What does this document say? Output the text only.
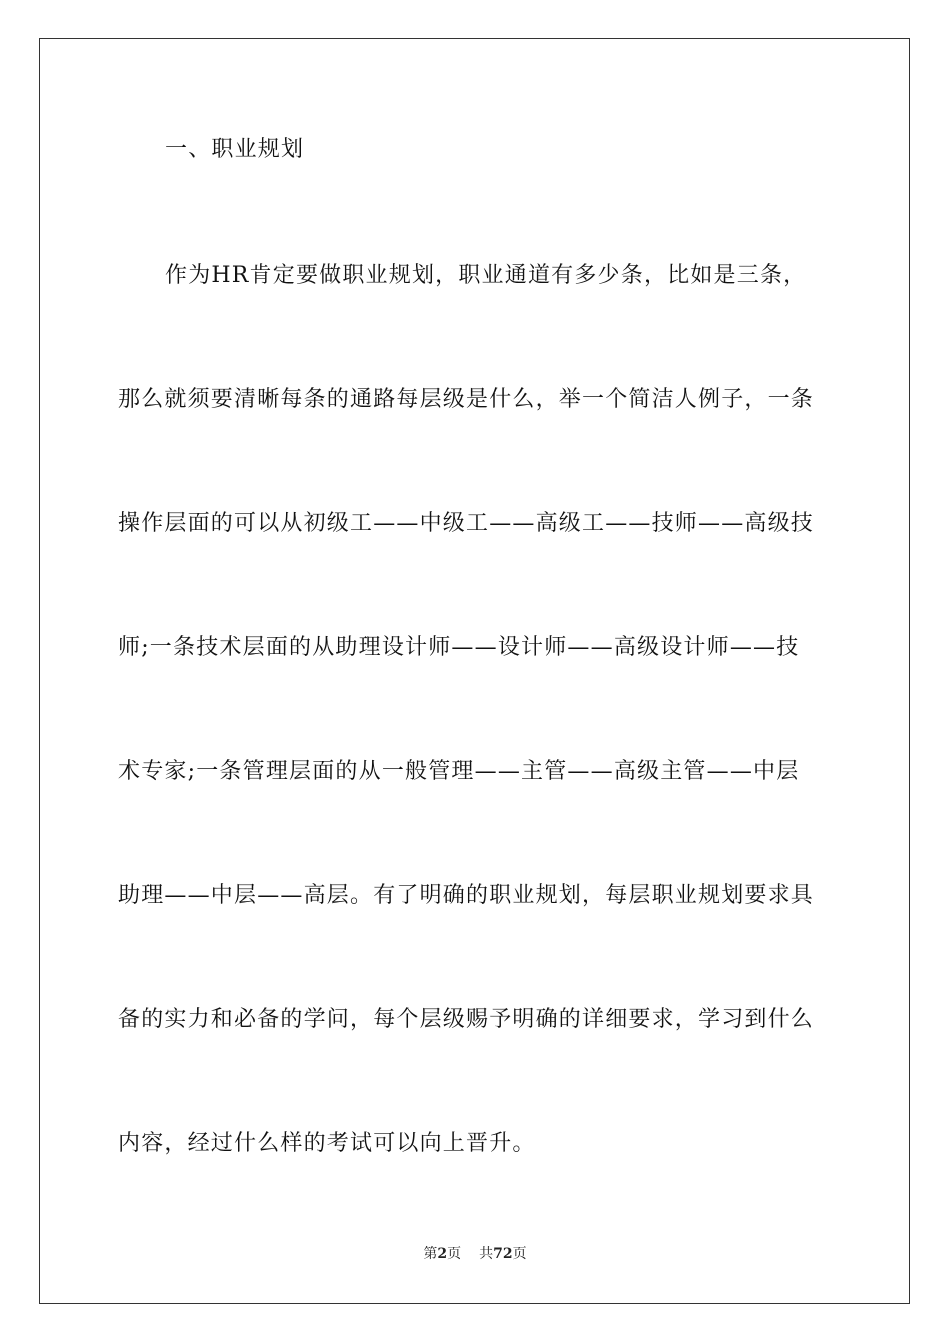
一、职业规划
作为HR肯定要做职业规划，职业通道有多少条，比如是三条，
那么就须要清晰每条的通路每层级是什么，举一个简洁人例子，一条
操作层面的可以从初级工——中级工——高级工——技师——高级技
师;一条技术层面的从助理设计师——设计师——高级设计师——技
术专家;一条管理层面的从一般管理——主管——高级主管——中层
助理——中层——高层。有了明确的职业规划，每层职业规划要求具
备的实力和必备的学问，每个层级赐予明确的详细要求，学习到什么
内容，经过什么样的考试可以向上晋升。
第2页 共72页
